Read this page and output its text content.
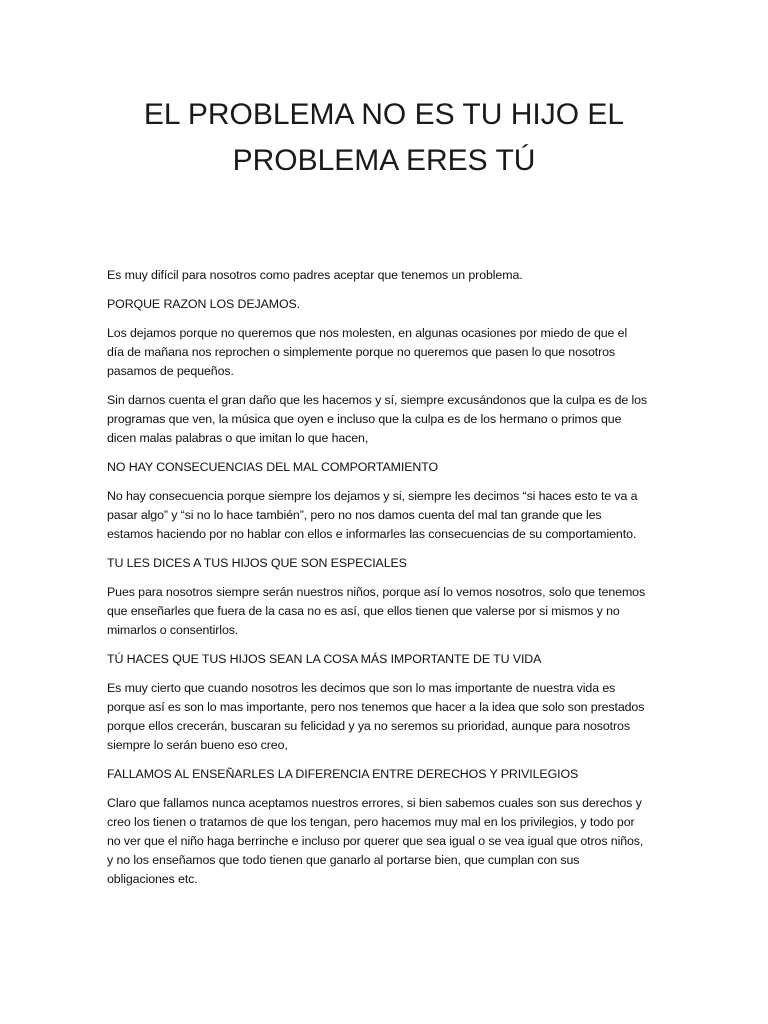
EL PROBLEMA NO ES TU HIJO EL
PROBLEMA ERES TÚ

Es muy difícil para nosotros como padres aceptar que tenemos un problema.

PORQUE RAZON LOS DEJAMOS.

Los dejamos porque no queremos que nos molesten, en algunas ocasiones por miedo de que el
día de mañana nos reprochen o simplemente porque no queremos que pasen lo que nosotros
pasamos de pequeños.

Sin darnos cuenta el gran daño que les hacemos y sí, siempre excusándonos que la culpa es de los
programas que ven, la música que oyen e incluso que la culpa es de los hermano o primos que
dicen malas palabras o que imitan lo que hacen,

NO HAY CONSECUENCIAS DEL MAL COMPORTAMIENTO

No hay consecuencia porque siempre los dejamos y si, siempre les decimos “si haces esto te va a
pasar algo” y “si no lo hace también”, pero no nos damos cuenta del mal tan grande que les
estamos haciendo por no hablar con ellos e informarles las consecuencias de su comportamiento.

TU LES DICES A TUS HIJOS QUE SON ESPECIALES

Pues para nosotros siempre serán nuestros niños, porque así lo vemos nosotros, solo que tenemos
que enseñarles que fuera de la casa no es así, que ellos tienen que valerse por si mismos y no
mimarlos o consentirlos.

TÚ HACES QUE TUS HIJOS SEAN LA COSA MÁS IMPORTANTE DE TU VIDA

Es muy cierto que cuando nosotros les decimos que son lo mas importante de nuestra vida es
porque así es son lo mas importante, pero nos tenemos que hacer a la idea que solo son prestados
porque ellos crecerán, buscaran su felicidad y ya no seremos su prioridad, aunque para nosotros
siempre lo serán bueno eso creo,

FALLAMOS AL ENSEÑARLES LA DIFERENCIA ENTRE DERECHOS Y PRIVILEGIOS

Claro que fallamos nunca aceptamos nuestros errores, si bien sabemos cuales son sus derechos y
creo los tienen o tratamos de que los tengan, pero hacemos muy mal en los privilegios, y todo por
no ver que el niño haga berrinche e incluso por querer que sea igual o se vea igual que otros niños,
y no los enseñamos que todo tienen que ganarlo al portarse bien, que cumplan con sus
obligaciones etc.
